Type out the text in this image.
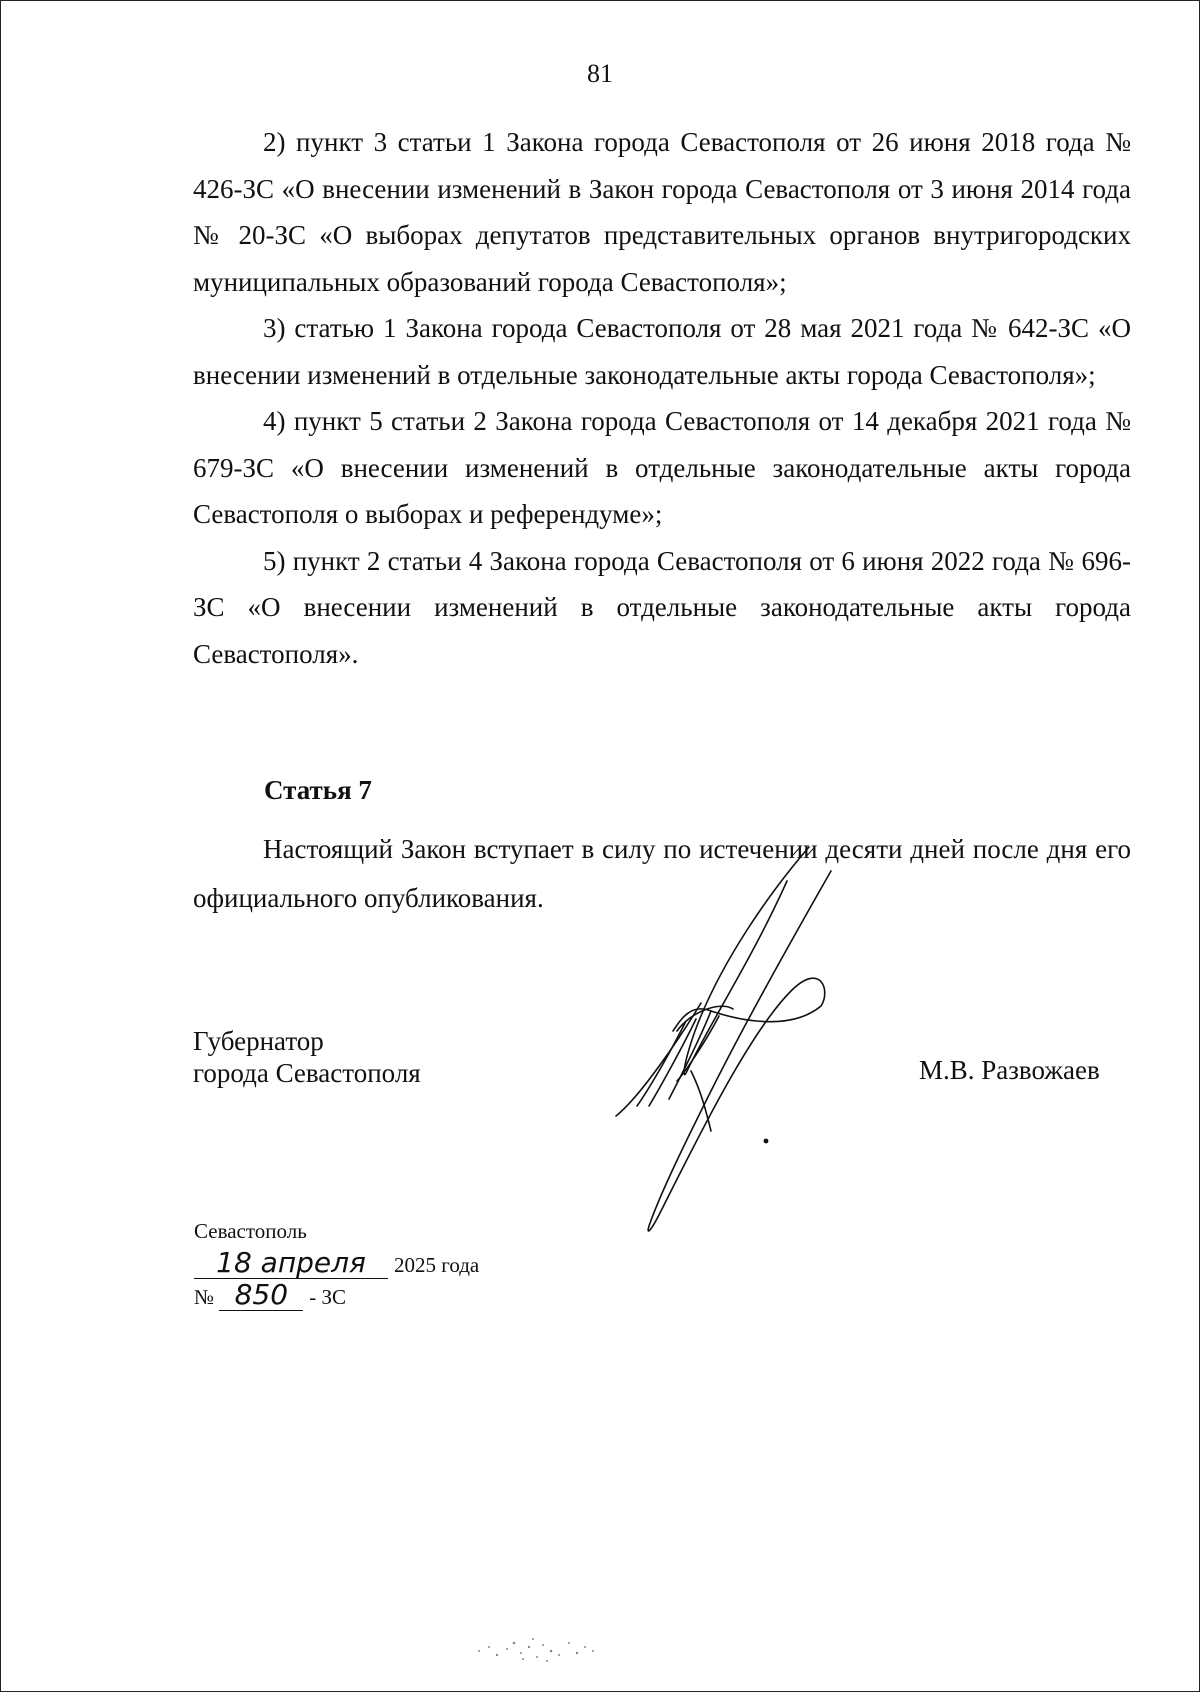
81

2) пункт 3 статьи 1 Закона города Севастополя от 26 июня 2018 года № 426-ЗС «О внесении изменений в Закон города Севастополя от 3 июня 2014 года № 20-ЗС «О выборах депутатов представительных органов внутригородских муниципальных образований города Севастополя»;

3) статью 1 Закона города Севастополя от 28 мая 2021 года № 642-ЗС «О внесении изменений в отдельные законодательные акты города Севастополя»;

4) пункт 5 статьи 2 Закона города Севастополя от 14 декабря 2021 года № 679-ЗС «О внесении изменений в отдельные законодательные акты города Севастополя о выборах и референдуме»;

5) пункт 2 статьи 4 Закона города Севастополя от 6 июня 2022 года № 696-ЗС «О внесении изменений в отдельные законодательные акты города Севастополя».

Статья 7

Настоящий Закон вступает в силу по истечении десяти дней после дня его официального опубликования.

Губернатор
города Севастополя	М.В. Развожаев
Севастополь
18 апреля 2025 года
№ 850 - ЗС
